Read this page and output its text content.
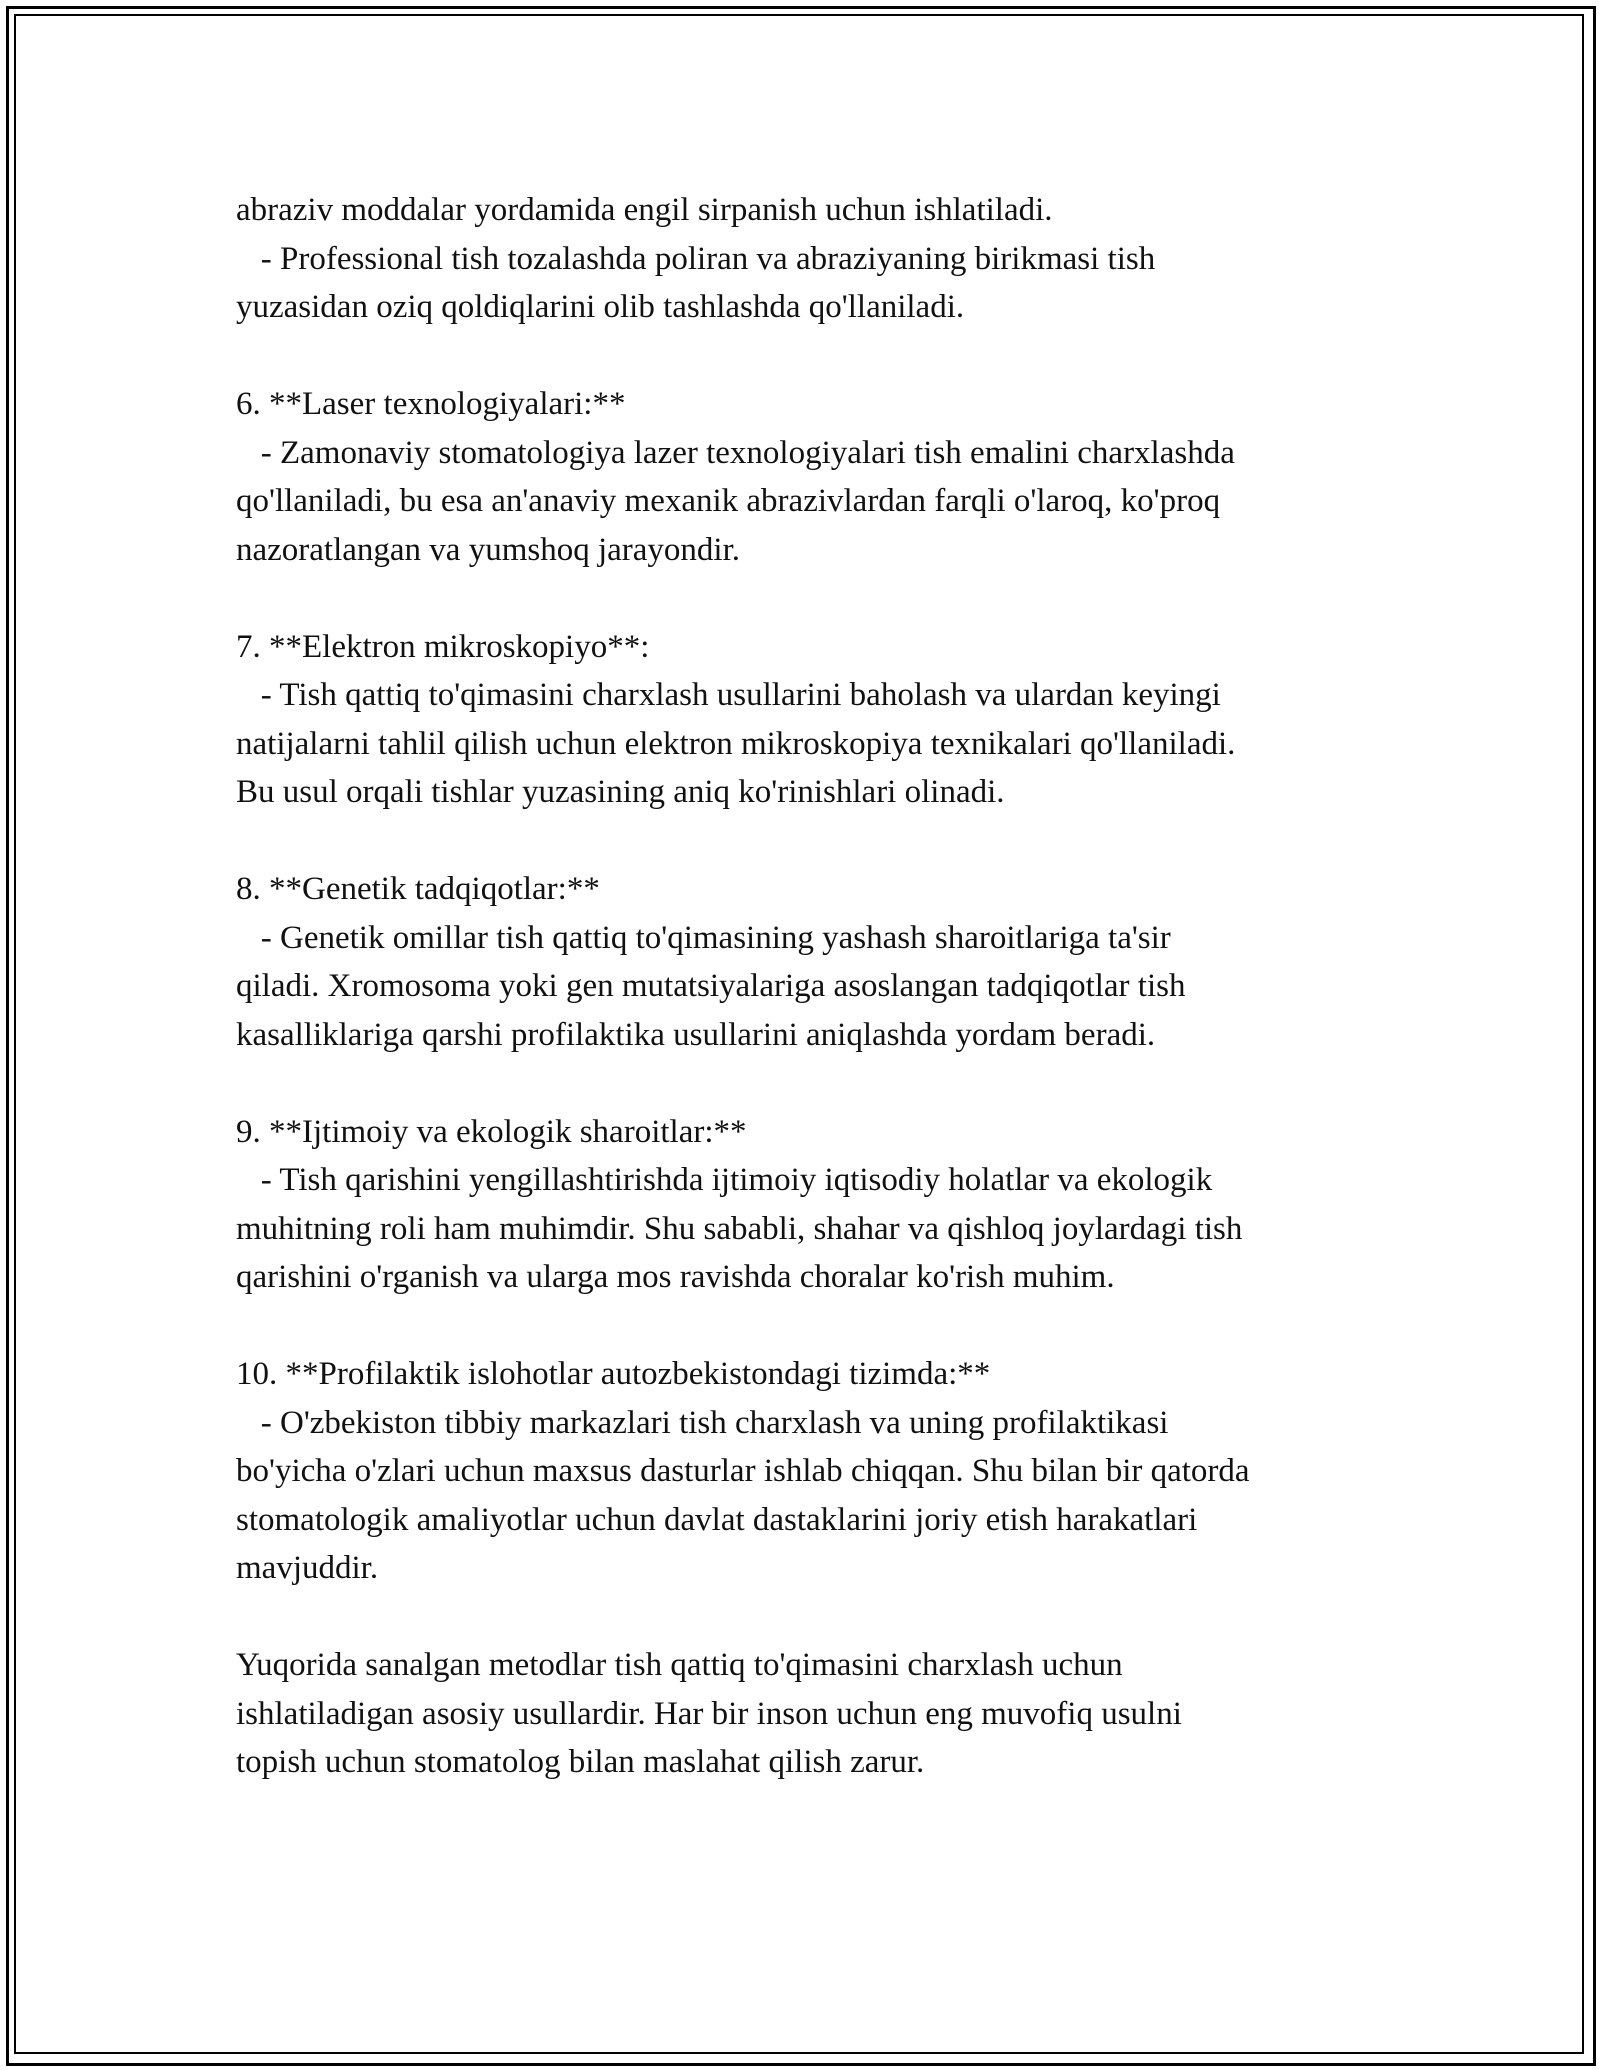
abraziv moddalar yordamida engil sirpanish uchun ishlatiladi.
- Professional tish tozalashda poliran va abraziyaning birikmasi tish
yuzasidan oziq qoldiqlarini olib tashlashda qo'llaniladi.
6. **Laser texnologiyalari:**
- Zamonaviy stomatologiya lazer texnologiyalari tish emalini charxlashda
qo'llaniladi, bu esa an'anaviy mexanik abrazivlardan farqli o'laroq, ko'proq
nazoratlangan va yumshoq jarayondir.
7. **Elektron mikroskopiyo**:
- Tish qattiq to'qimasini charxlash usullarini baholash va ulardan keyingi
natijalarni tahlil qilish uchun elektron mikroskopiya texnikalari qo'llaniladi.
Bu usul orqali tishlar yuzasining aniq ko'rinishlari olinadi.
8. **Genetik tadqiqotlar:**
- Genetik omillar tish qattiq to'qimasining yashash sharoitlariga ta'sir
qiladi. Xromosoma yoki gen mutatsiyalariga asoslangan tadqiqotlar tish
kasalliklariga qarshi profilaktika usullarini aniqlashda yordam beradi.
9. **Ijtimoiy va ekologik sharoitlar:**
- Tish qarishini yengillashtirishda ijtimoiy iqtisodiy holatlar va ekologik
muhitning roli ham muhimdir. Shu sababli, shahar va qishloq joylardagi tish
qarishini o'rganish va ularga mos ravishda choralar ko'rish muhim.
10. **Profilaktik islohotlar autozbekistondagi tizimda:**
- O'zbekiston tibbiy markazlari tish charxlash va uning profilaktikasi
bo'yicha o'zlari uchun maxsus dasturlar ishlab chiqqan. Shu bilan bir qatorda
stomatologik amaliyotlar uchun davlat dastaklarini joriy etish harakatlari
mavjuddir.
Yuqorida sanalgan metodlar tish qattiq to'qimasini charxlash uchun
ishlatiladigan asosiy usullardir. Har bir inson uchun eng muvofiq usulni
topish uchun stomatolog bilan maslahat qilish zarur.
